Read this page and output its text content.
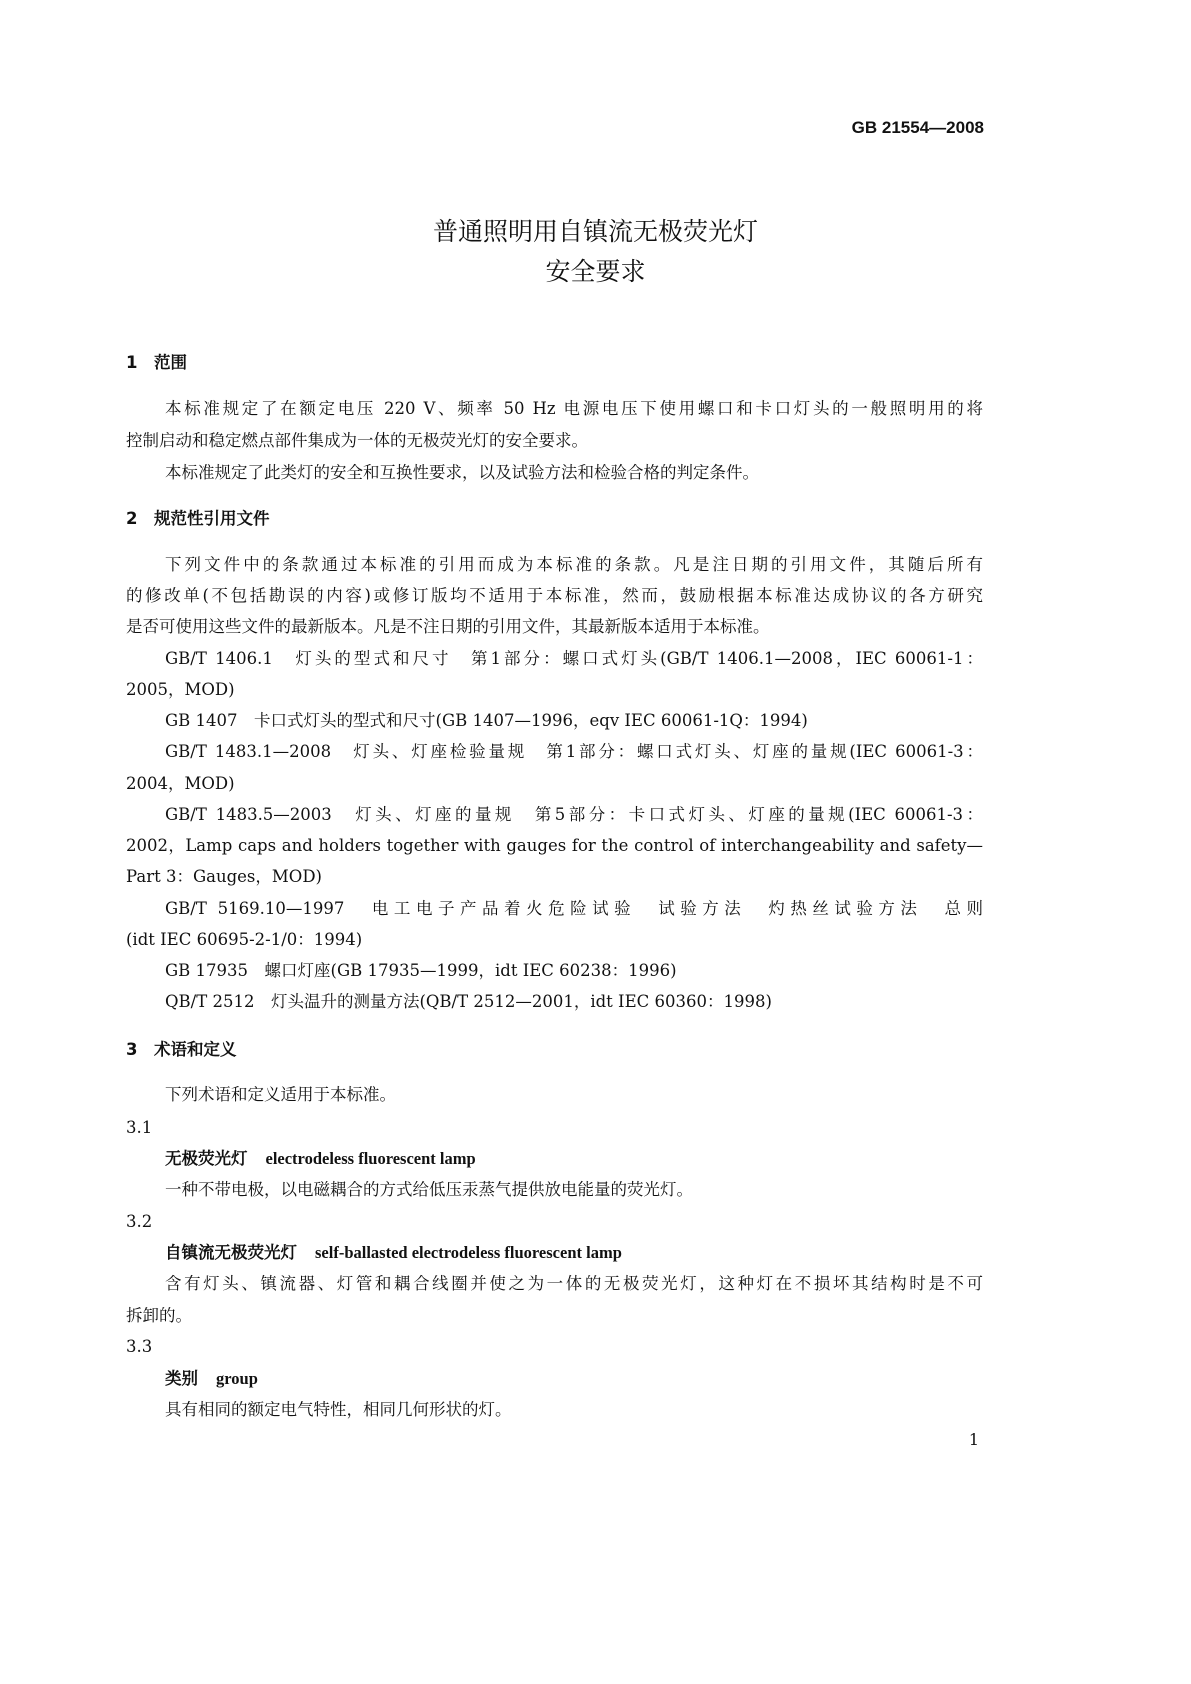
GB 21554—2008
普通照明用自镇流无极荧光灯
安全要求
1　范围
本标准规定了在额定电压 220 V、频率 50 Hz 电源电压下使用螺口和卡口灯头的一般照明用的将
控制启动和稳定燃点部件集成为一体的无极荧光灯的安全要求。
本标准规定了此类灯的安全和互换性要求，以及试验方法和检验合格的判定条件。
2　规范性引用文件
下列文件中的条款通过本标准的引用而成为本标准的条款。凡是注日期的引用文件，其随后所有
的修改单(不包括勘误的内容)或修订版均不适用于本标准，然而，鼓励根据本标准达成协议的各方研究
是否可使用这些文件的最新版本。凡是不注日期的引用文件，其最新版本适用于本标准。
GB/T 1406.1　灯头的型式和尺寸　第1部分：螺口式灯头(GB/T 1406.1—2008，IEC 60061-1：
2005，MOD)
GB 1407　卡口式灯头的型式和尺寸(GB 1407—1996，eqv IEC 60061-1Q：1994)
GB/T 1483.1—2008　灯头、灯座检验量规　第1部分：螺口式灯头、灯座的量规(IEC 60061-3：
2004，MOD)
GB/T 1483.5—2003　灯头、灯座的量规　第5部分：卡口式灯头、灯座的量规(IEC 60061-3：
2002，Lamp caps and holders together with gauges for the control of interchangeability and safety—
Part 3：Gauges，MOD)
GB/T 5169.10—1997　电工电子产品着火危险试验　试验方法　灼热丝试验方法　总则
(idt IEC 60695-2-1/0：1994)
GB 17935　螺口灯座(GB 17935—1999，idt IEC 60238：1996)
QB/T 2512　灯头温升的测量方法(QB/T 2512—2001，idt IEC 60360：1998)
3　术语和定义
下列术语和定义适用于本标准。
3.1
无极荧光灯 electrodeless fluorescent lamp
一种不带电极，以电磁耦合的方式给低压汞蒸气提供放电能量的荧光灯。
3.2
自镇流无极荧光灯 self-ballasted electrodeless fluorescent lamp
含有灯头、镇流器、灯管和耦合线圈并使之为一体的无极荧光灯，这种灯在不损坏其结构时是不可
拆卸的。
3.3
类别 group
具有相同的额定电气特性，相同几何形状的灯。
1
